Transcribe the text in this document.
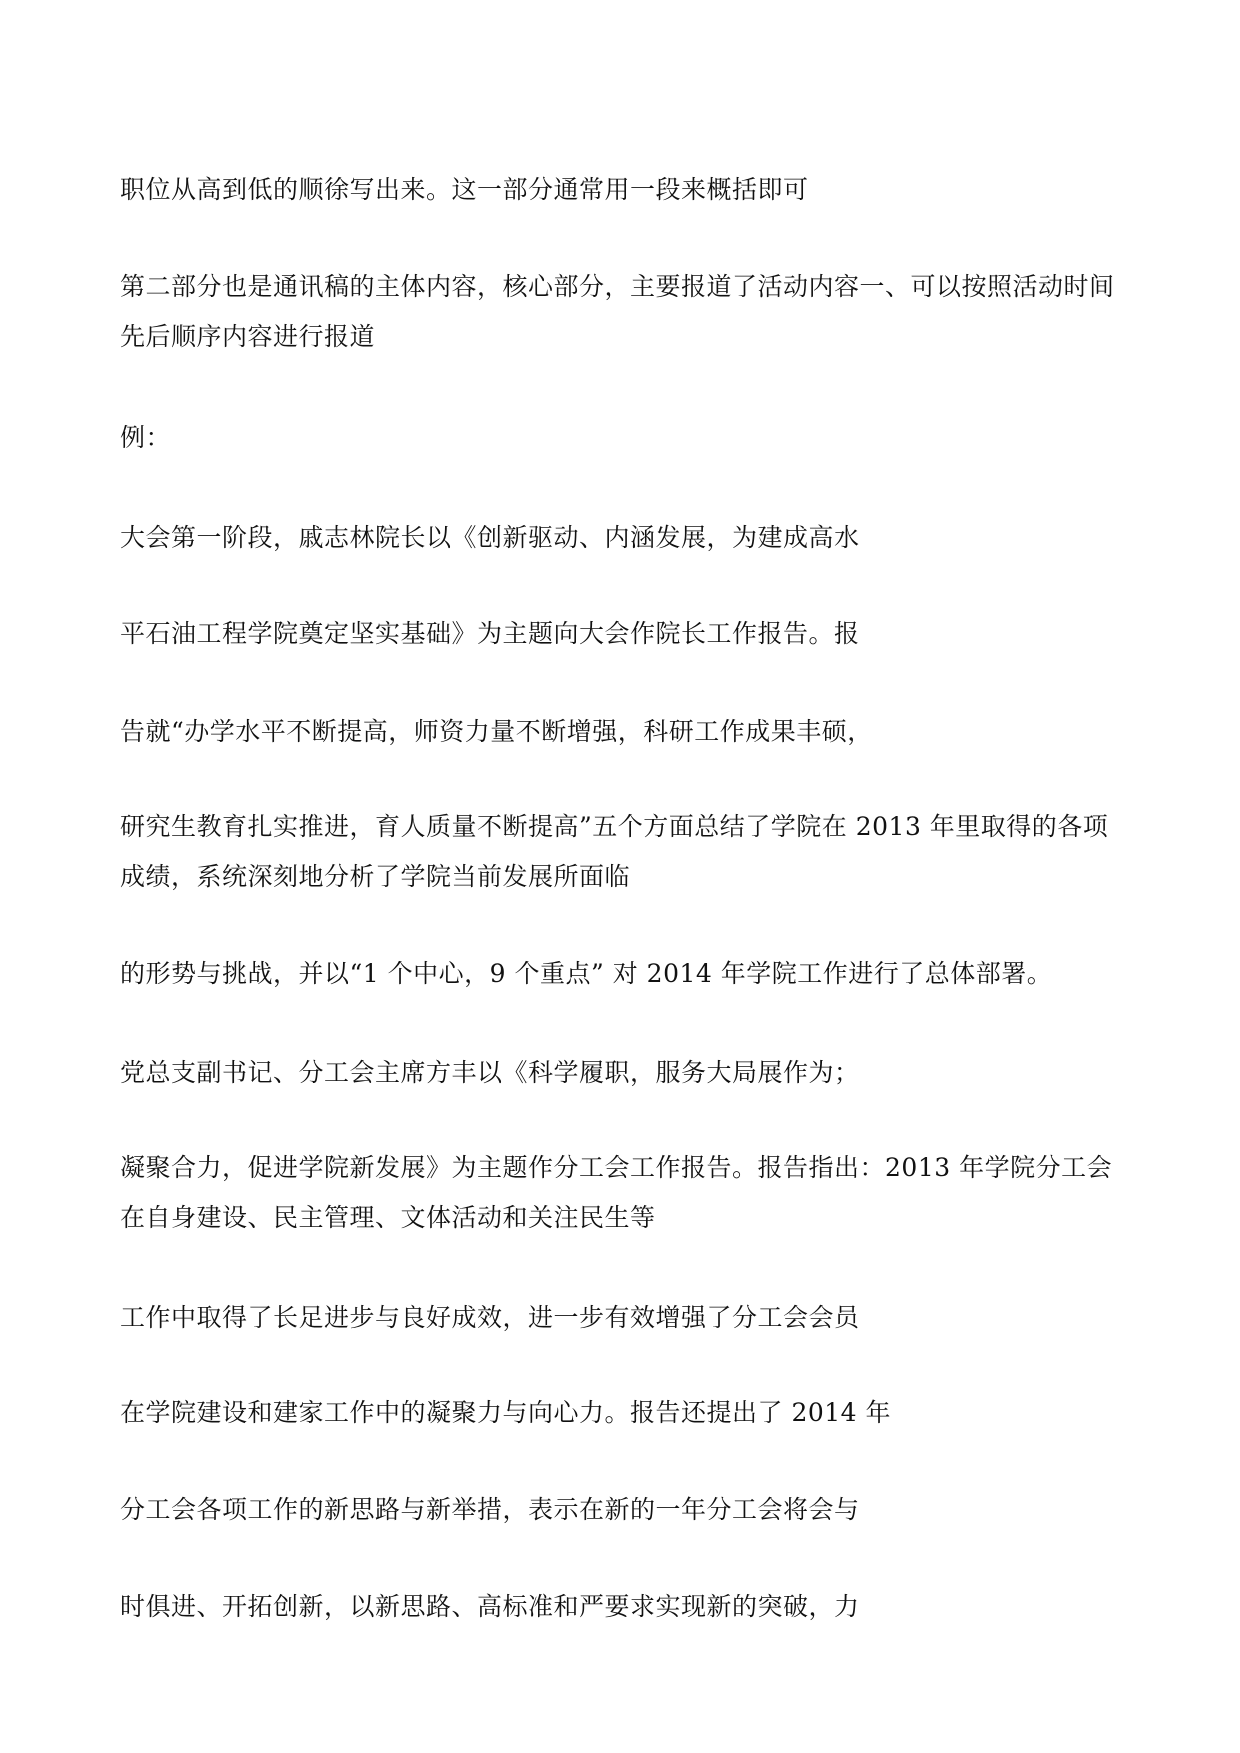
职位从高到低的顺徐写出来。这一部分通常用一段来概括即可

第二部分也是通讯稿的主体内容，核心部分，主要报道了活动内容一、可以按照活动时间先后顺序内容进行报道

例：

大会第一阶段，戚志林院长以《创新驱动、内涵发展，为建成高水

平石油工程学院奠定坚实基础》为主题向大会作院长工作报告。报

告就“办学水平不断提高，师资力量不断增强，科研工作成果丰硕，

研究生教育扎实推进，育人质量不断提高”五个方面总结了学院在 2013 年里取得的各项成绩，系统深刻地分析了学院当前发展所面临

的形势与挑战，并以“1 个中心，9 个重点” 对 2014 年学院工作进行了总体部署。

党总支副书记、分工会主席方丰以《科学履职，服务大局展作为；

凝聚合力，促进学院新发展》为主题作分工会工作报告。报告指出：2013 年学院分工会在自身建设、民主管理、文体活动和关注民生等

工作中取得了长足进步与良好成效，进一步有效增强了分工会会员

在学院建设和建家工作中的凝聚力与向心力。报告还提出了 2014 年

分工会各项工作的新思路与新举措，表示在新的一年分工会将会与

时俱进、开拓创新，以新思路、高标准和严要求实现新的突破，力
